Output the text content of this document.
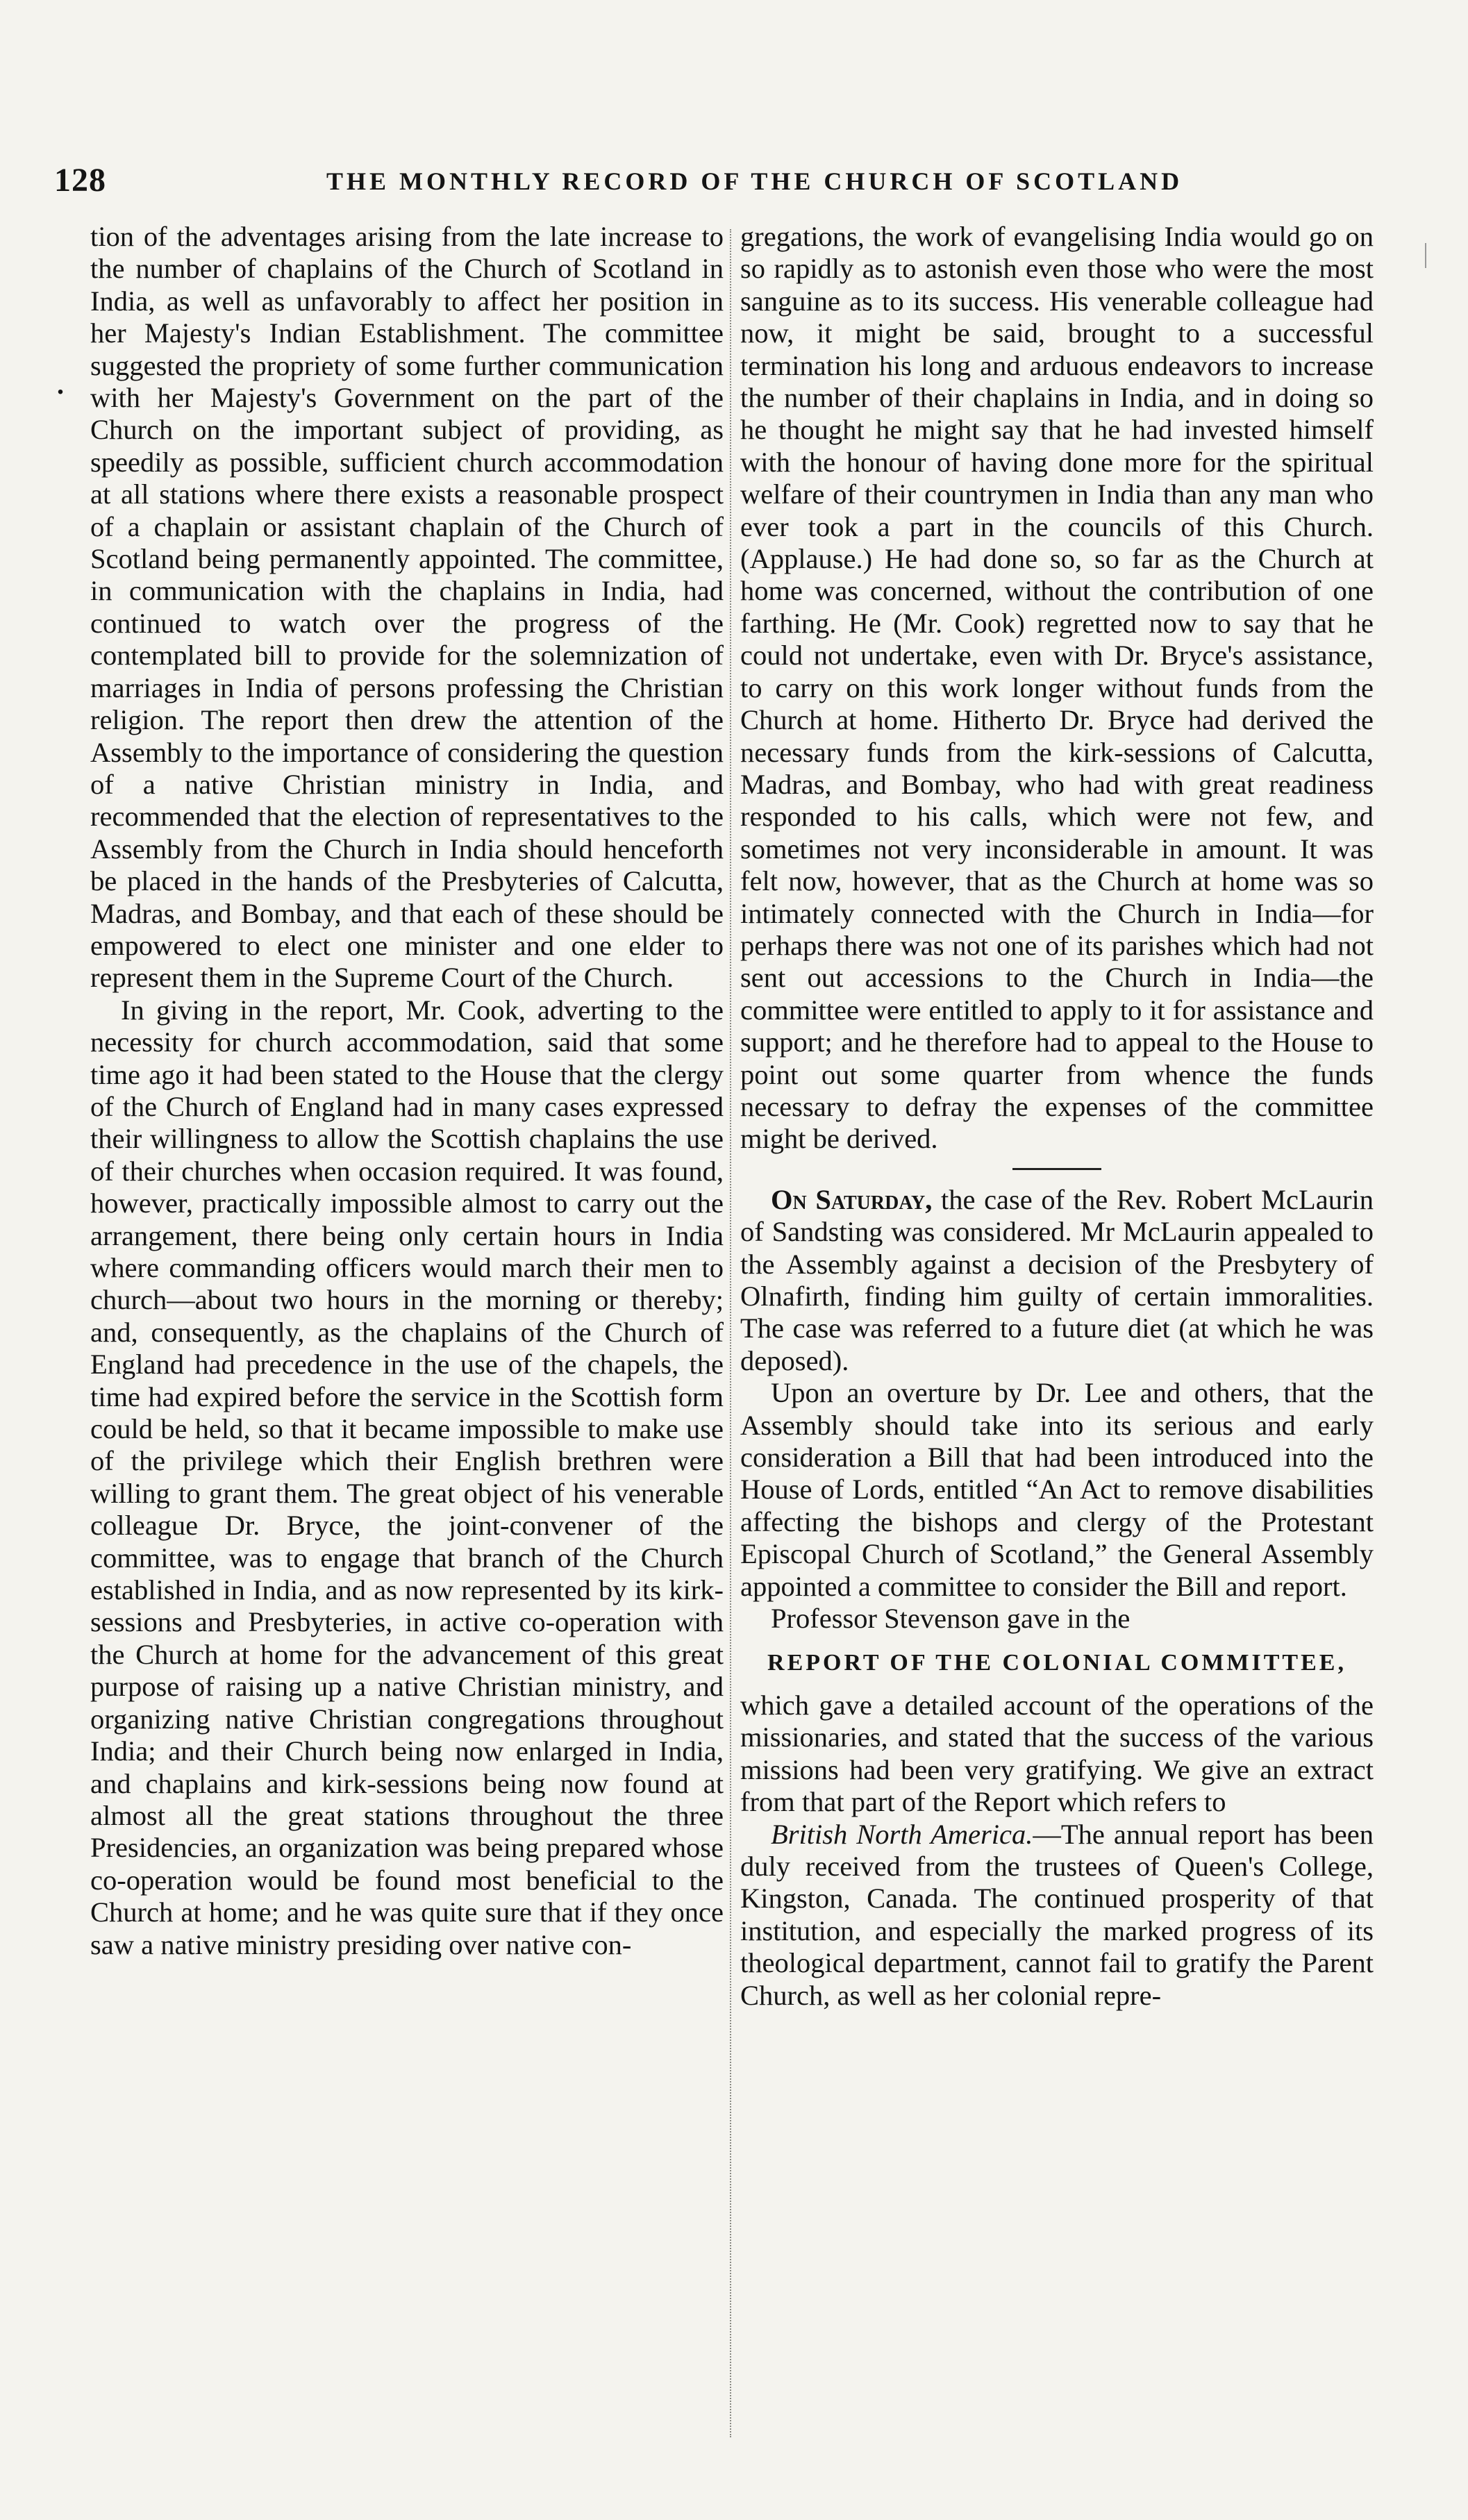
128	THE MONTHLY RECORD OF THE CHURCH OF SCOTLAND
.

tion of the adventages arising from the late increase to the number of chaplains of the Church of Scotland in India, as well as unfavorably to affect her position in her Majesty's Indian Establishment. The committee suggested the propriety of some further communication with her Majesty's Government on the part of the Church on the important subject of providing, as speedily as possible, sufficient church accommodation at all stations where there exists a reasonable prospect of a chaplain or assistant chaplain of the Church of Scotland being permanently appointed. The committee, in communication with the chaplains in India, had continued to watch over the progress of the contemplated bill to provide for the solemnization of marriages in India of persons professing the Christian religion. The report then drew the attention of the Assembly to the importance of considering the question of a native Christian ministry in India, and recommended that the election of representatives to the Assembly from the Church in India should henceforth be placed in the hands of the Presbyteries of Calcutta, Madras, and Bombay, and that each of these should be empowered to elect one minister and one elder to represent them in the Supreme Court of the Church.

In giving in the report, Mr. Cook, adverting to the necessity for church accommodation, said that some time ago it had been stated to the House that the clergy of the Church of England had in many cases expressed their willingness to allow the Scottish chaplains the use of their churches when occasion required. It was found, however, practically impossible almost to carry out the arrangement, there being only certain hours in India where commanding officers would march their men to church—about two hours in the morning or thereby; and, consequently, as the chaplains of the Church of England had precedence in the use of the chapels, the time had expired before the service in the Scottish form could be held, so that it became impossible to make use of the privilege which their English brethren were willing to grant them. The great object of his venerable colleague Dr. Bryce, the joint-convener of the committee, was to engage that branch of the Church established in India, and as now represented by its kirk-sessions and Presbyteries, in active co-operation with the Church at home for the advancement of this great purpose of raising up a native Christian ministry, and organizing native Christian congregations throughout India; and their Church being now enlarged in India, and chaplains and kirk-sessions being now found at almost all the great stations throughout the three Presidencies, an organization was being prepared whose co-operation would be found most beneficial to the Church at home; and he was quite sure that if they once saw a native ministry presiding over native con-

gregations, the work of evangelising India would go on so rapidly as to astonish even those who were the most sanguine as to its success. His venerable colleague had now, it might be said, brought to a successful termination his long and arduous endeavors to increase the number of their chaplains in India, and in doing so he thought he might say that he had invested himself with the honour of having done more for the spiritual welfare of their countrymen in India than any man who ever took a part in the councils of this Church. (Applause.) He had done so, so far as the Church at home was concerned, without the contribution of one farthing. He (Mr. Cook) regretted now to say that he could not undertake, even with Dr. Bryce's assistance, to carry on this work longer without funds from the Church at home. Hitherto Dr. Bryce had derived the necessary funds from the kirk-sessions of Calcutta, Madras, and Bombay, who had with great readiness responded to his calls, which were not few, and sometimes not very inconsiderable in amount. It was felt now, however, that as the Church at home was so intimately connected with the Church in India—for perhaps there was not one of its parishes which had not sent out accessions to the Church in India—the committee were entitled to apply to it for assistance and support; and he therefore had to appeal to the House to point out some quarter from whence the funds necessary to defray the expenses of the committee might be derived.

On Saturday, the case of the Rev. Robert McLaurin of Sandsting was considered. Mr McLaurin appealed to the Assembly against a decision of the Presbytery of Olnafirth, finding him guilty of certain immoralities. The case was referred to a future diet (at which he was deposed).

Upon an overture by Dr. Lee and others, that the Assembly should take into its serious and early consideration a Bill that had been introduced into the House of Lords, entitled “An Act to remove disabilities affecting the bishops and clergy of the Protestant Episcopal Church of Scotland,” the General Assembly appointed a committee to consider the Bill and report.

Professor Stevenson gave in the

REPORT OF THE COLONIAL COMMITTEE,

which gave a detailed account of the operations of the missionaries, and stated that the success of the various missions had been very gratifying. We give an extract from that part of the Report which refers to

British North America.—The annual report has been duly received from the trustees of Queen's College, Kingston, Canada. The continued prosperity of that institution, and especially the marked progress of its theological department, cannot fail to gratify the Parent Church, as well as her colonial repre-
